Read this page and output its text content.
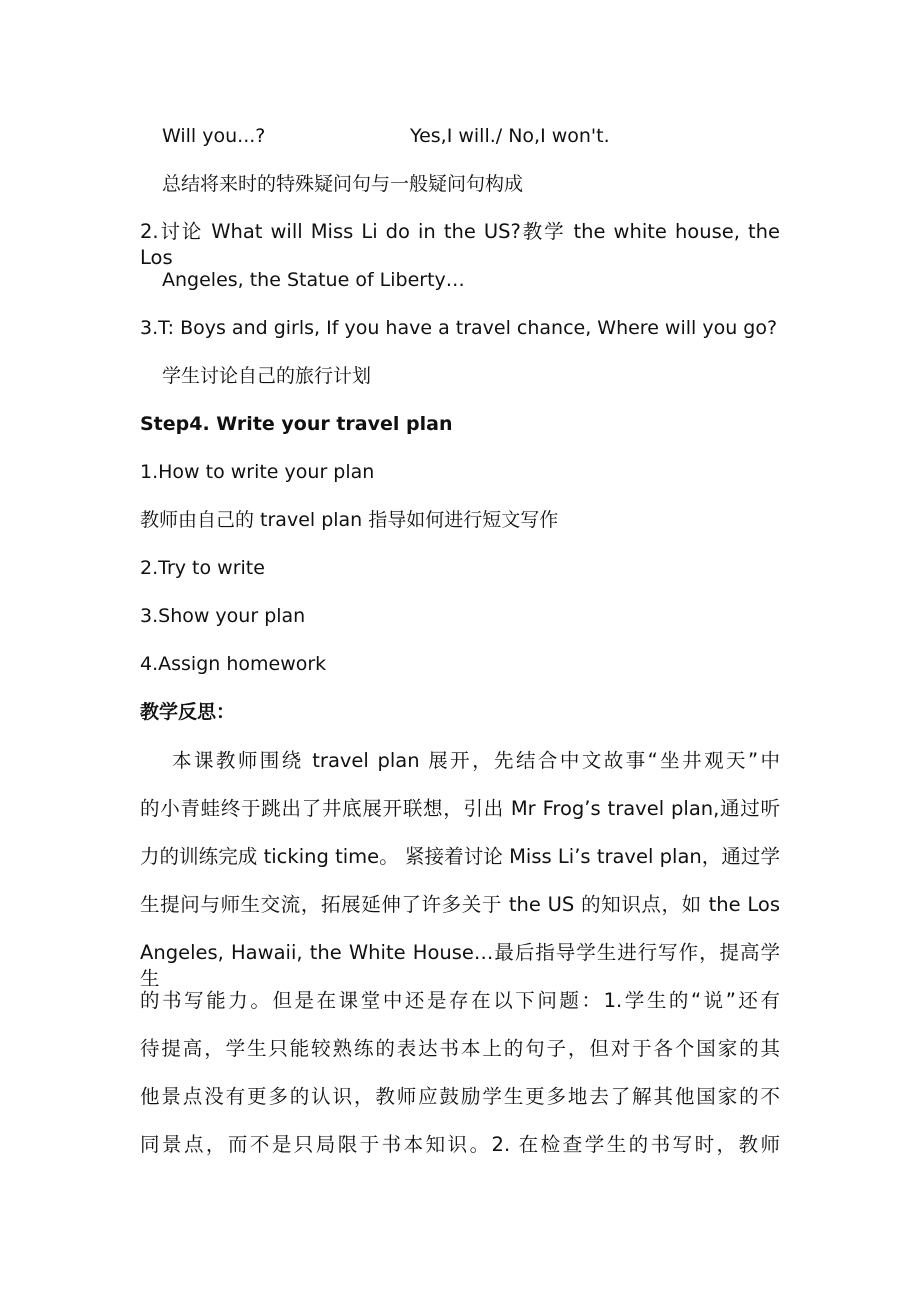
Will you...?	Yes,I will./ No,I won't.
总结将来时的特殊疑问句与一般疑问句构成
2.讨论 What will Miss Li do in the US?教学 the white house, the Los
Angeles, the Statue of Liberty…
3.T: Boys and girls, If you have a travel chance, Where will you go?
学生讨论自己的旅行计划
Step4. Write your travel plan
1.How to write your plan
教师由自己的 travel plan 指导如何进行短文写作
2.Try to write
3.Show your plan
4.Assign homework
教学反思：
本课教师围绕 travel plan 展开，先结合中文故事“坐井观天”中
的小青蛙终于跳出了井底展开联想，引出 Mr Frog’s travel plan,通过听
力的训练完成 ticking time。 紧接着讨论 Miss Li’s travel plan，通过学
生提问与师生交流，拓展延伸了许多关于 the US 的知识点，如 the Los
Angeles, Hawaii, the White House…最后指导学生进行写作，提高学生
的书写能力。但是在课堂中还是存在以下问题：1.学生的“说”还有
待提高，学生只能较熟练的表达书本上的句子，但对于各个国家的其
他景点没有更多的认识，教师应鼓励学生更多地去了解其他国家的不
同景点，而不是只局限于书本知识。2. 在检查学生的书写时，教师
